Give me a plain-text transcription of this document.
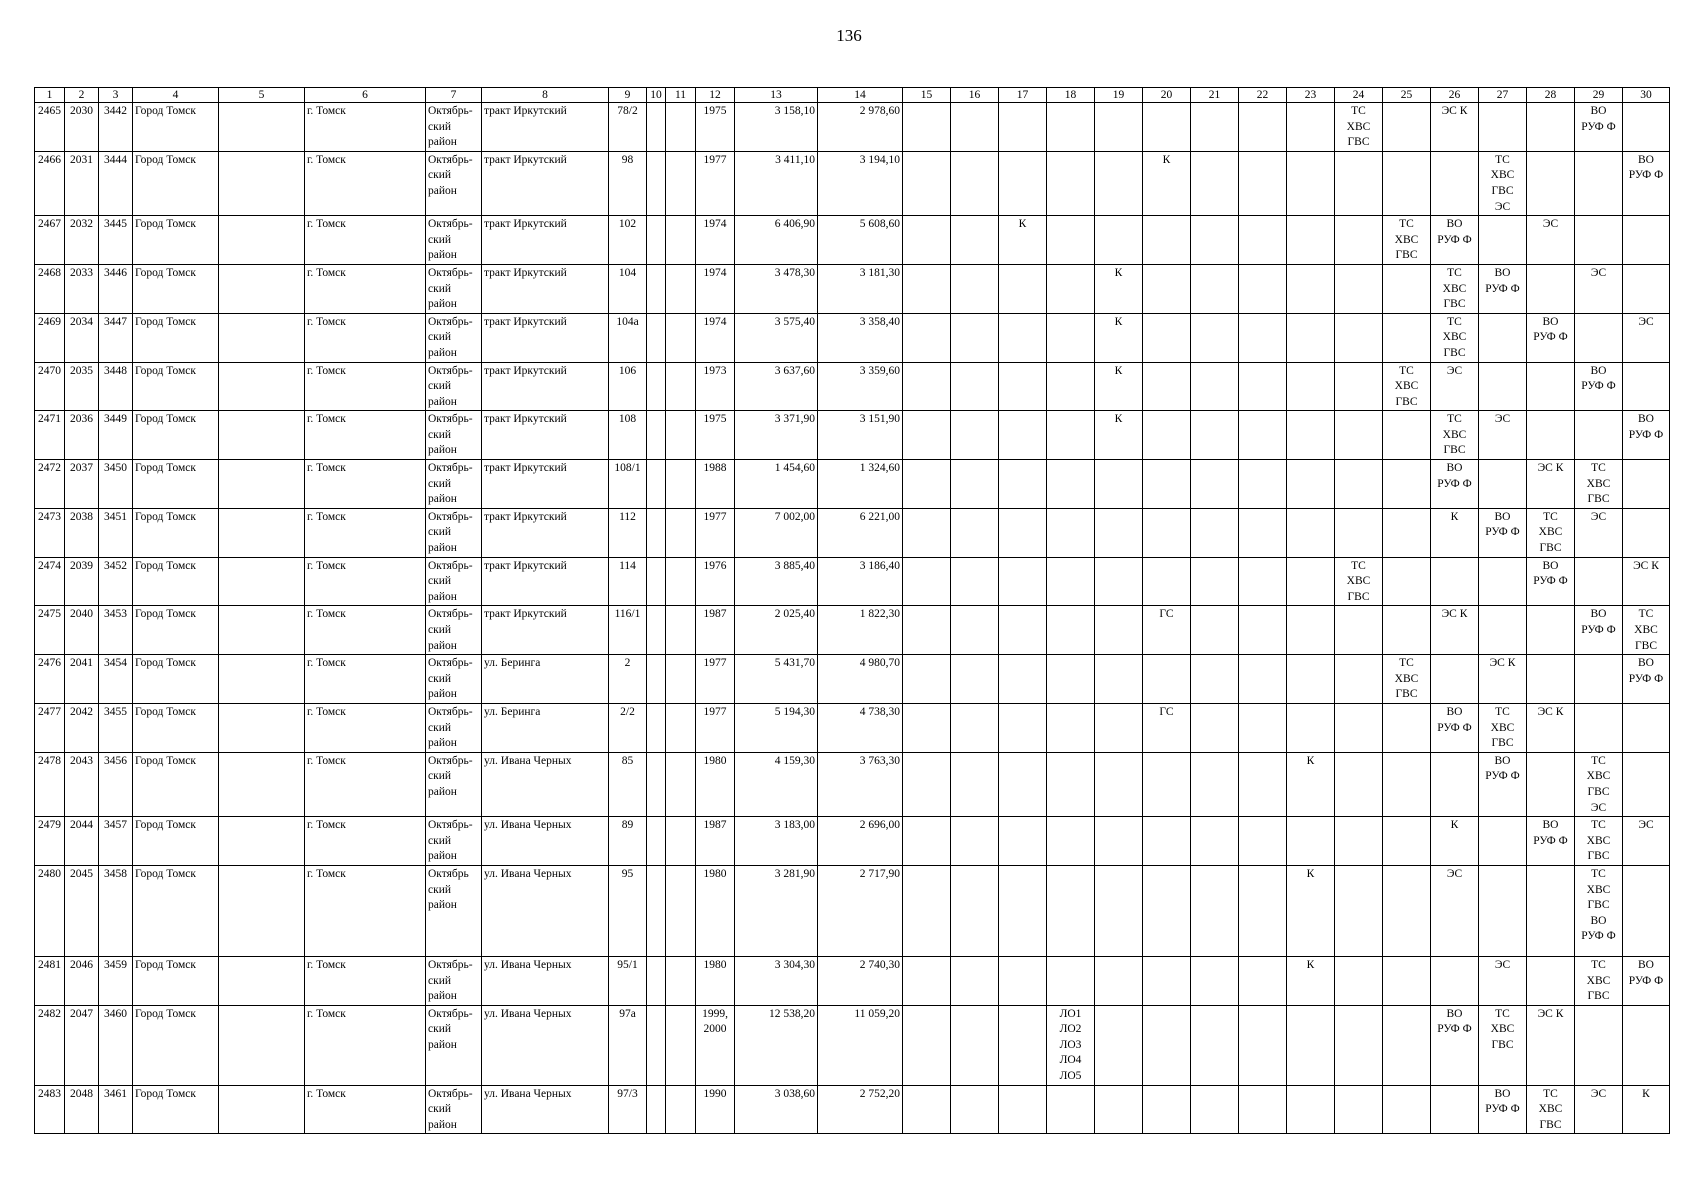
136
1	2	3	4	5	6	7	8	9	10	11	12	13	14	15	16	17	18	19	20	21	22	23	24	25	26	27	28	29	30
2465	2030	3442	Город Томск		г. Томск	Октябрь-
ский
район	тракт Иркутский	78/2			1975	3 158,10	2 978,60										ТС
ХВС
ГВС		ЭС К			ВО
РУФ Ф	
2466	2031	3444	Город Томск		г. Томск	Октябрь-
ский
район	тракт Иркутский	98			1977	3 411,10	3 194,10						К							ТС
ХВС
ГВС
ЭС			ВО
РУФ Ф
2467	2032	3445	Город Томск		г. Томск	Октябрь-
ский
район	тракт Иркутский	102			1974	6 406,90	5 608,60			К								ТС
ХВС
ГВС	ВО
РУФ Ф		ЭС		
2468	2033	3446	Город Томск		г. Томск	Октябрь-
ский
район	тракт Иркутский	104			1974	3 478,30	3 181,30					К							ТС
ХВС
ГВС	ВО
РУФ Ф		ЭС	
2469	2034	3447	Город Томск		г. Томск	Октябрь-
ский
район	тракт Иркутский	104а			1974	3 575,40	3 358,40					К							ТС
ХВС
ГВС		ВО
РУФ Ф		ЭС
2470	2035	3448	Город Томск		г. Томск	Октябрь-
ский
район	тракт Иркутский	106			1973	3 637,60	3 359,60					К						ТС
ХВС
ГВС	ЭС			ВО
РУФ Ф	
2471	2036	3449	Город Томск		г. Томск	Октябрь-
ский
район	тракт Иркутский	108			1975	3 371,90	3 151,90					К							ТС
ХВС
ГВС	ЭС			ВО
РУФ Ф
2472	2037	3450	Город Томск		г. Томск	Октябрь-
ский
район	тракт Иркутский	108/1			1988	1 454,60	1 324,60												ВО
РУФ Ф		ЭС К	ТС
ХВС
ГВС	
2473	2038	3451	Город Томск		г. Томск	Октябрь-
ский
район	тракт Иркутский	112			1977	7 002,00	6 221,00												К	ВО
РУФ Ф	ТС
ХВС
ГВС	ЭС	
2474	2039	3452	Город Томск		г. Томск	Октябрь-
ский
район	тракт Иркутский	114			1976	3 885,40	3 186,40										ТС
ХВС
ГВС				ВО
РУФ Ф		ЭС К
2475	2040	3453	Город Томск		г. Томск	Октябрь-
ский
район	тракт Иркутский	116/1			1987	2 025,40	1 822,30						ГС						ЭС К			ВО
РУФ Ф	ТС
ХВС
ГВС
2476	2041	3454	Город Томск		г. Томск	Октябрь-
ский
район	ул. Беринга	2			1977	5 431,70	4 980,70											ТС
ХВС
ГВС		ЭС К			ВО
РУФ Ф
2477	2042	3455	Город Томск		г. Томск	Октябрь-
ский
район	ул. Беринга	2/2			1977	5 194,30	4 738,30						ГС						ВО
РУФ Ф	ТС
ХВС
ГВС	ЭС К		
2478	2043	3456	Город Томск		г. Томск	Октябрь-
ский
район	ул. Ивана Черных	85			1980	4 159,30	3 763,30									К				ВО
РУФ Ф		ТС
ХВС
ГВС
ЭС	
2479	2044	3457	Город Томск		г. Томск	Октябрь-
ский
район	ул. Ивана Черных	89			1987	3 183,00	2 696,00												К		ВО
РУФ Ф	ТС
ХВС
ГВС	ЭС
2480	2045	3458	Город Томск		г. Томск	Октябрь
ский
район	ул. Ивана Черных	95			1980	3 281,90	2 717,90									К			ЭС			ТС
ХВС
ГВС
ВО
РУФ Ф	
2481	2046	3459	Город Томск		г. Томск	Октябрь-
ский
район	ул. Ивана Черных	95/1			1980	3 304,30	2 740,30									К				ЭС		ТС
ХВС
ГВС	ВО
РУФ Ф
2482	2047	3460	Город Томск		г. Томск	Октябрь-
ский
район	ул. Ивана Черных	97а			1999,
2000	12 538,20	11 059,20				ЛО1
ЛО2
ЛО3
ЛО4
ЛО5								ВО
РУФ Ф	ТС
ХВС
ГВС	ЭС К		
2483	2048	3461	Город Томск		г. Томск	Октябрь-
ский
район	ул. Ивана Черных	97/3			1990	3 038,60	2 752,20													ВО
РУФ Ф	ТС
ХВС
ГВС	ЭС	К
